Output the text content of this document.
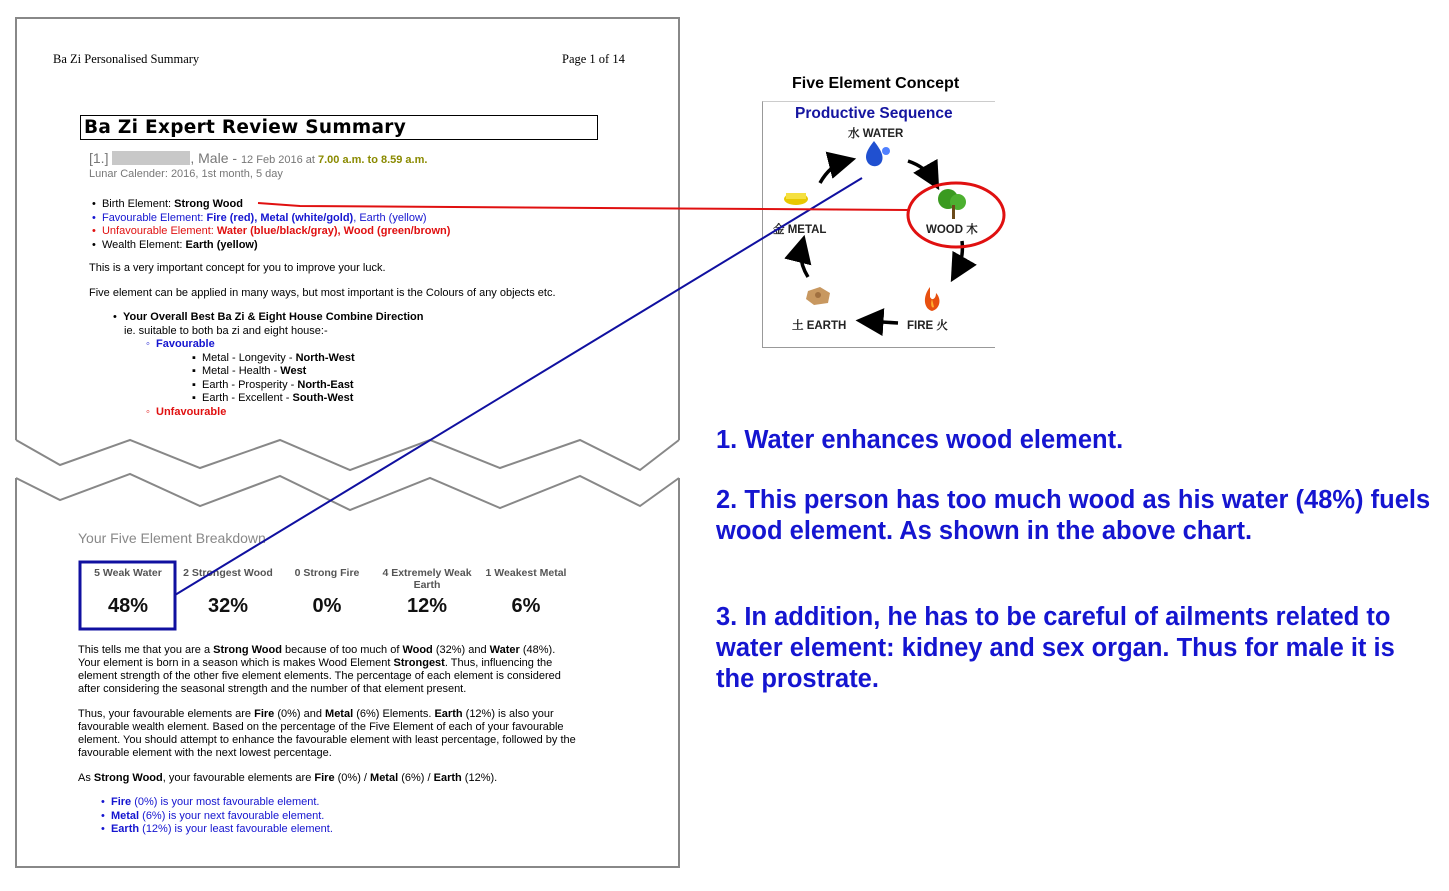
Ba Zi Personalised Summary	Page 1 of 14
Ba Zi Expert Review Summary
[1.]	, Male - 12 Feb 2016 at 7.00 a.m. to 8.59 a.m.
Lunar Calender: 2016, 1st month, 5 day
•  Birth Element: Strong Wood
•  Favourable Element: Fire (red), Metal (white/gold), Earth (yellow)
•  Unfavourable Element: Water (blue/black/gray), Wood (green/brown)
•  Wealth Element: Earth (yellow)
This is a very important concept for you to improve your luck.
Five element can be applied in many ways, but most important is the Colours of any objects etc.
•  Your Overall Best Ba Zi & Eight House Combine Direction
ie. suitable to both ba zi and eight house:-
◦  Favourable
▪  Metal - Longevity - North-West
▪  Metal - Health - West
▪  Earth - Prosperity - North-East
▪  Earth - Excellent - South-West
◦  Unfavourable
Your Five Element Breakdown
5 Weak Water
48%
2 Strongest Wood
32%
0 Strong Fire
0%
4 Extremely Weak Earth
12%
1 Weakest Metal
6%
This tells me that you are a Strong Wood because of too much of Wood (32%) and Water (48%). Your element is born in a season which is makes Wood Element Strongest. Thus, influencing the element strength of the other five element elements. The percentage of each element is considered after considering the seasonal strength and the number of that element present.
Thus, your favourable elements are Fire (0%) and Metal (6%) Elements. Earth (12%) is also your favourable wealth element. Based on the percentage of the Five Element of each of your favourable element. You should attempt to enhance the favourable element with least percentage, followed by the favourable element with the next lowest percentage.
As Strong Wood, your favourable elements are Fire (0%) / Metal (6%) / Earth (12%).
•  Fire (0%) is your most favourable element.
•  Metal (6%) is your next favourable element.
•  Earth (12%) is your least favourable element.
Five Element Concept
Productive Sequence
水 WATER
WOOD 木
FIRE 火
土 EARTH
金 METAL
1. Water enhances wood element.
2. This person has too much wood as his water (48%) fuels wood element. As shown in the above chart.
3. In addition, he has to be careful of ailments related to water element: kidney and sex organ. Thus for male it is the prostrate.
